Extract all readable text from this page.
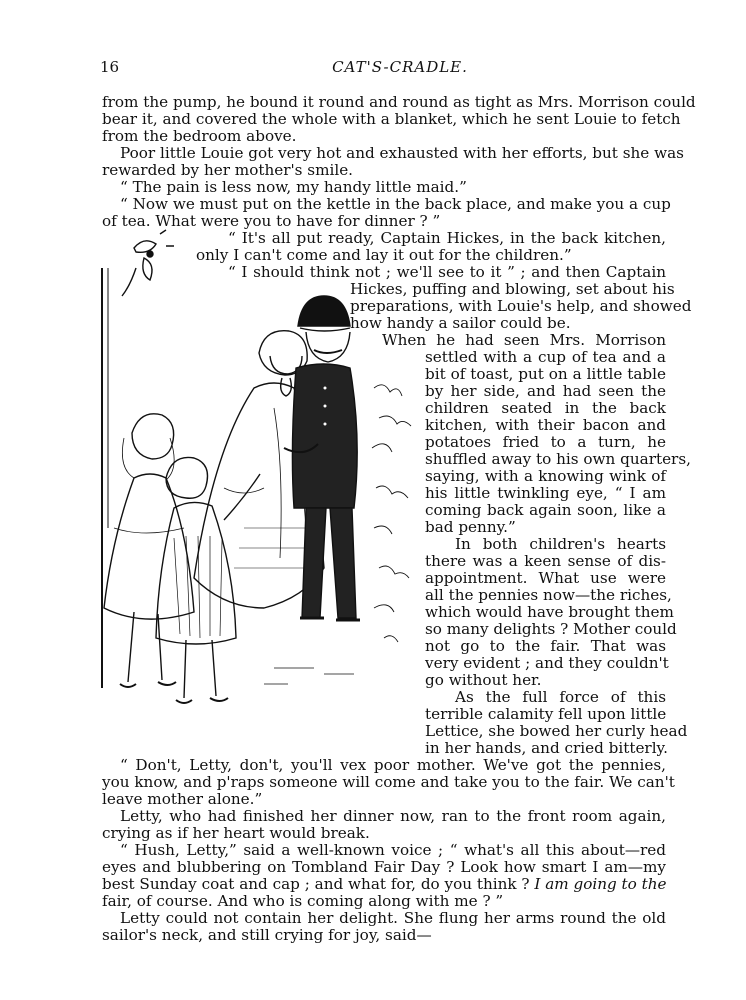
16	CAT'S-CRADLE.
from the pump, he bound it round and round as tight as Mrs. Morrison could
bear it, and covered the whole with a blanket, which he sent Louie to fetch
from the bedroom above.
Poor little Louie got very hot and exhausted with her efforts, but she was
rewarded by her mother's smile.
“ The pain is less now, my handy little maid.”
“ Now we must put on the kettle in the back place, and make you a cup
of tea. What were you to have for dinner ? ”
“ It's all put ready, Captain Hickes, in the back kitchen,
only I can't come and lay it out for the children.”
“ I should think not ; we'll see to it ” ; and then Captain
Hickes, puffing and blowing, set about his
preparations, with Louie's help, and showed
how handy a sailor could be.
When he had seen Mrs. Morrison
settled with a cup of tea and a
bit of toast, put on a little table
by her side, and had seen the
children seated in the back
kitchen, with their bacon and
potatoes fried to a turn, he
shuffled away to his own quarters,
saying, with a knowing wink of
his little twinkling eye, “ I am
coming back again soon, like a
bad penny.”
In both children's hearts
there was a keen sense of dis-
appointment. What use were
all the pennies now—the riches,
which would have brought them
so many delights ? Mother could
not go to the fair. That was
very evident ; and they couldn't
go without her.
As the full force of this
terrible calamity fell upon little
Lettice, she bowed her curly head
in her hands, and cried bitterly.
“ Don't, Letty, don't, you'll vex poor mother. We've got the pennies,
you know, and p'raps someone will come and take you to the fair. We can't
leave mother alone.”
Letty, who had finished her dinner now, ran to the front room again,
crying as if her heart would break.
“ Hush, Letty,” said a well-known voice ; “ what's all this about—red
eyes and blubbering on Tombland Fair Day ? Look how smart I am—my
best Sunday coat and cap ; and what for, do you think ? I am going to the
fair, of course. And who is coming along with me ? ”
Letty could not contain her delight. She flung her arms round the old
sailor's neck, and still crying for joy, said—
